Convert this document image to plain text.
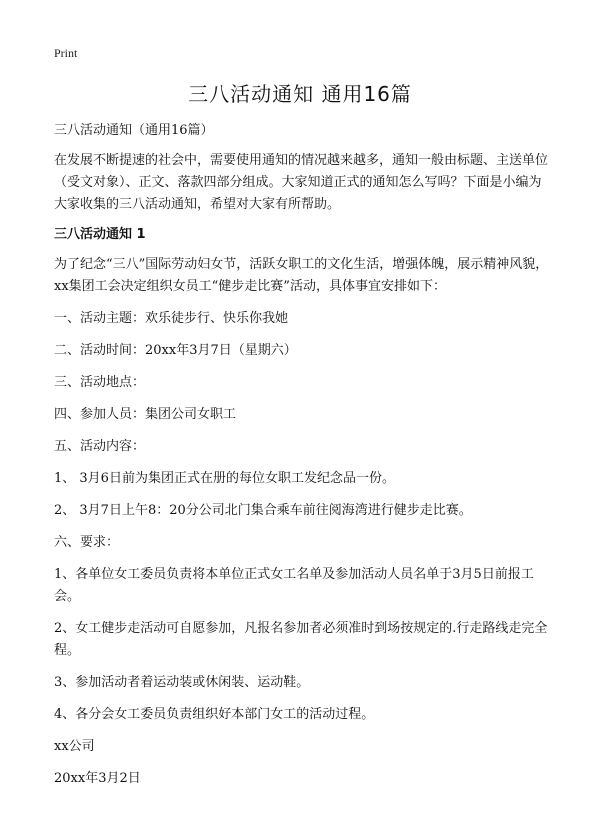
Print
三八活动通知 通用16篇

三八活动通知（通用16篇）

在发展不断提速的社会中，需要使用通知的情况越来越多，通知一般由标题、主送单位（受文对象）、正文、落款四部分组成。大家知道正式的通知怎么写吗？下面是小编为大家收集的三八活动通知，希望对大家有所帮助。

三八活动通知 1

为了纪念“三八”国际劳动妇女节，活跃女职工的文化生活，增强体魄，展示精神风貌，xx集团工会决定组织女员工“健步走比赛”活动，具体事宜安排如下：

一、活动主题：欢乐徒步行、快乐你我她

二、活动时间：20xx年3月7日（星期六）

三、活动地点：

四、参加人员：集团公司女职工

五、活动内容：

1、 3月6日前为集团正式在册的每位女职工发纪念品一份。

2、 3月7日上午8：20分公司北门集合乘车前往阅海湾进行健步走比赛。

六、要求：

1、各单位女工委员负责将本单位正式女工名单及参加活动人员名单于3月5日前报工会。

2、女工健步走活动可自愿参加，凡报名参加者必须准时到场按规定的.行走路线走完全程。

3、参加活动者着运动装或休闲装、运动鞋。

4、各分会女工委员负责组织好本部门女工的活动过程。

xx公司

20xx年3月2日
